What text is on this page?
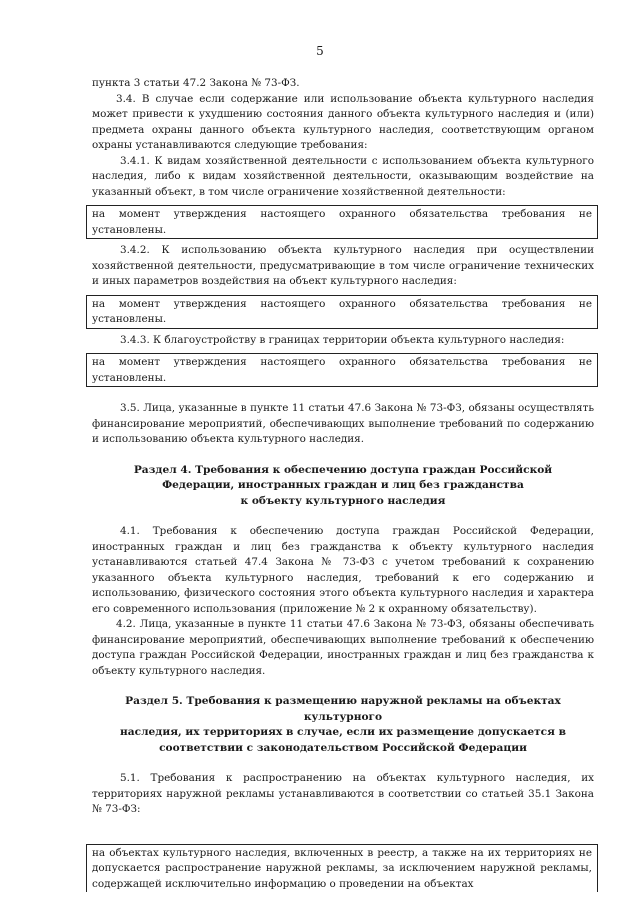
5

пункта 3 статьи 47.2 Закона № 73-ФЗ.

3.4. В случае если содержание или использование объекта культурного наследия может привести к ухудшению состояния данного объекта культурного наследия и (или) предмета охраны данного объекта культурного наследия, соответствующим органом охраны устанавливаются следующие требования:

3.4.1. К видам хозяйственной деятельности с использованием объекта культурного наследия, либо к видам хозяйственной деятельности, оказывающим воздействие на указанный объект, в том числе ограничение хозяйственной деятельности:

на момент утверждения настоящего охранного обязательства требования не установлены.

3.4.2. К использованию объекта культурного наследия при осуществлении хозяйственной деятельности, предусматривающие в том числе ограничение технических и иных параметров воздействия на объект культурного наследия:

на момент утверждения настоящего охранного обязательства требования не установлены.

3.4.3. К благоустройству в границах территории объекта культурного наследия:

на момент утверждения настоящего охранного обязательства требования не установлены.

3.5. Лица, указанные в пункте 11 статьи 47.6 Закона № 73-ФЗ, обязаны осуществлять финансирование мероприятий, обеспечивающих выполнение требований по содержанию и использованию объекта культурного наследия.

Раздел 4. Требования к обеспечению доступа граждан Российской

Федерации, иностранных граждан и лиц без гражданства

к объекту культурного наследия

4.1. Требования к обеспечению доступа граждан Российской Федерации, иностранных граждан и лиц без гражданства к объекту культурного наследия устанавливаются статьей 47.4 Закона № 73-ФЗ с учетом требований к сохранению указанного объекта культурного наследия, требований к его содержанию и использованию, физического состояния этого объекта культурного наследия и характера его современного использования (приложение № 2 к охранному обязательству).

4.2. Лица, указанные в пункте 11 статьи 47.6 Закона № 73-ФЗ, обязаны обеспечивать финансирование мероприятий, обеспечивающих выполнение требований к обеспечению доступа граждан Российской Федерации, иностранных граждан и лиц без гражданства к объекту культурного наследия.

Раздел 5. Требования к размещению наружной рекламы на объектах культурного

наследия, их территориях в случае, если их размещение допускается в

соответствии с законодательством Российской Федерации

5.1. Требования к распространению на объектах культурного наследия, их территориях наружной рекламы устанавливаются в соответствии со статьей 35.1 Закона № 73-ФЗ:

на объектах культурного наследия, включенных в реестр, а также на их территориях не допускается распространение наружной рекламы, за исключением наружной рекламы, содержащей исключительно информацию о проведении на объектах
